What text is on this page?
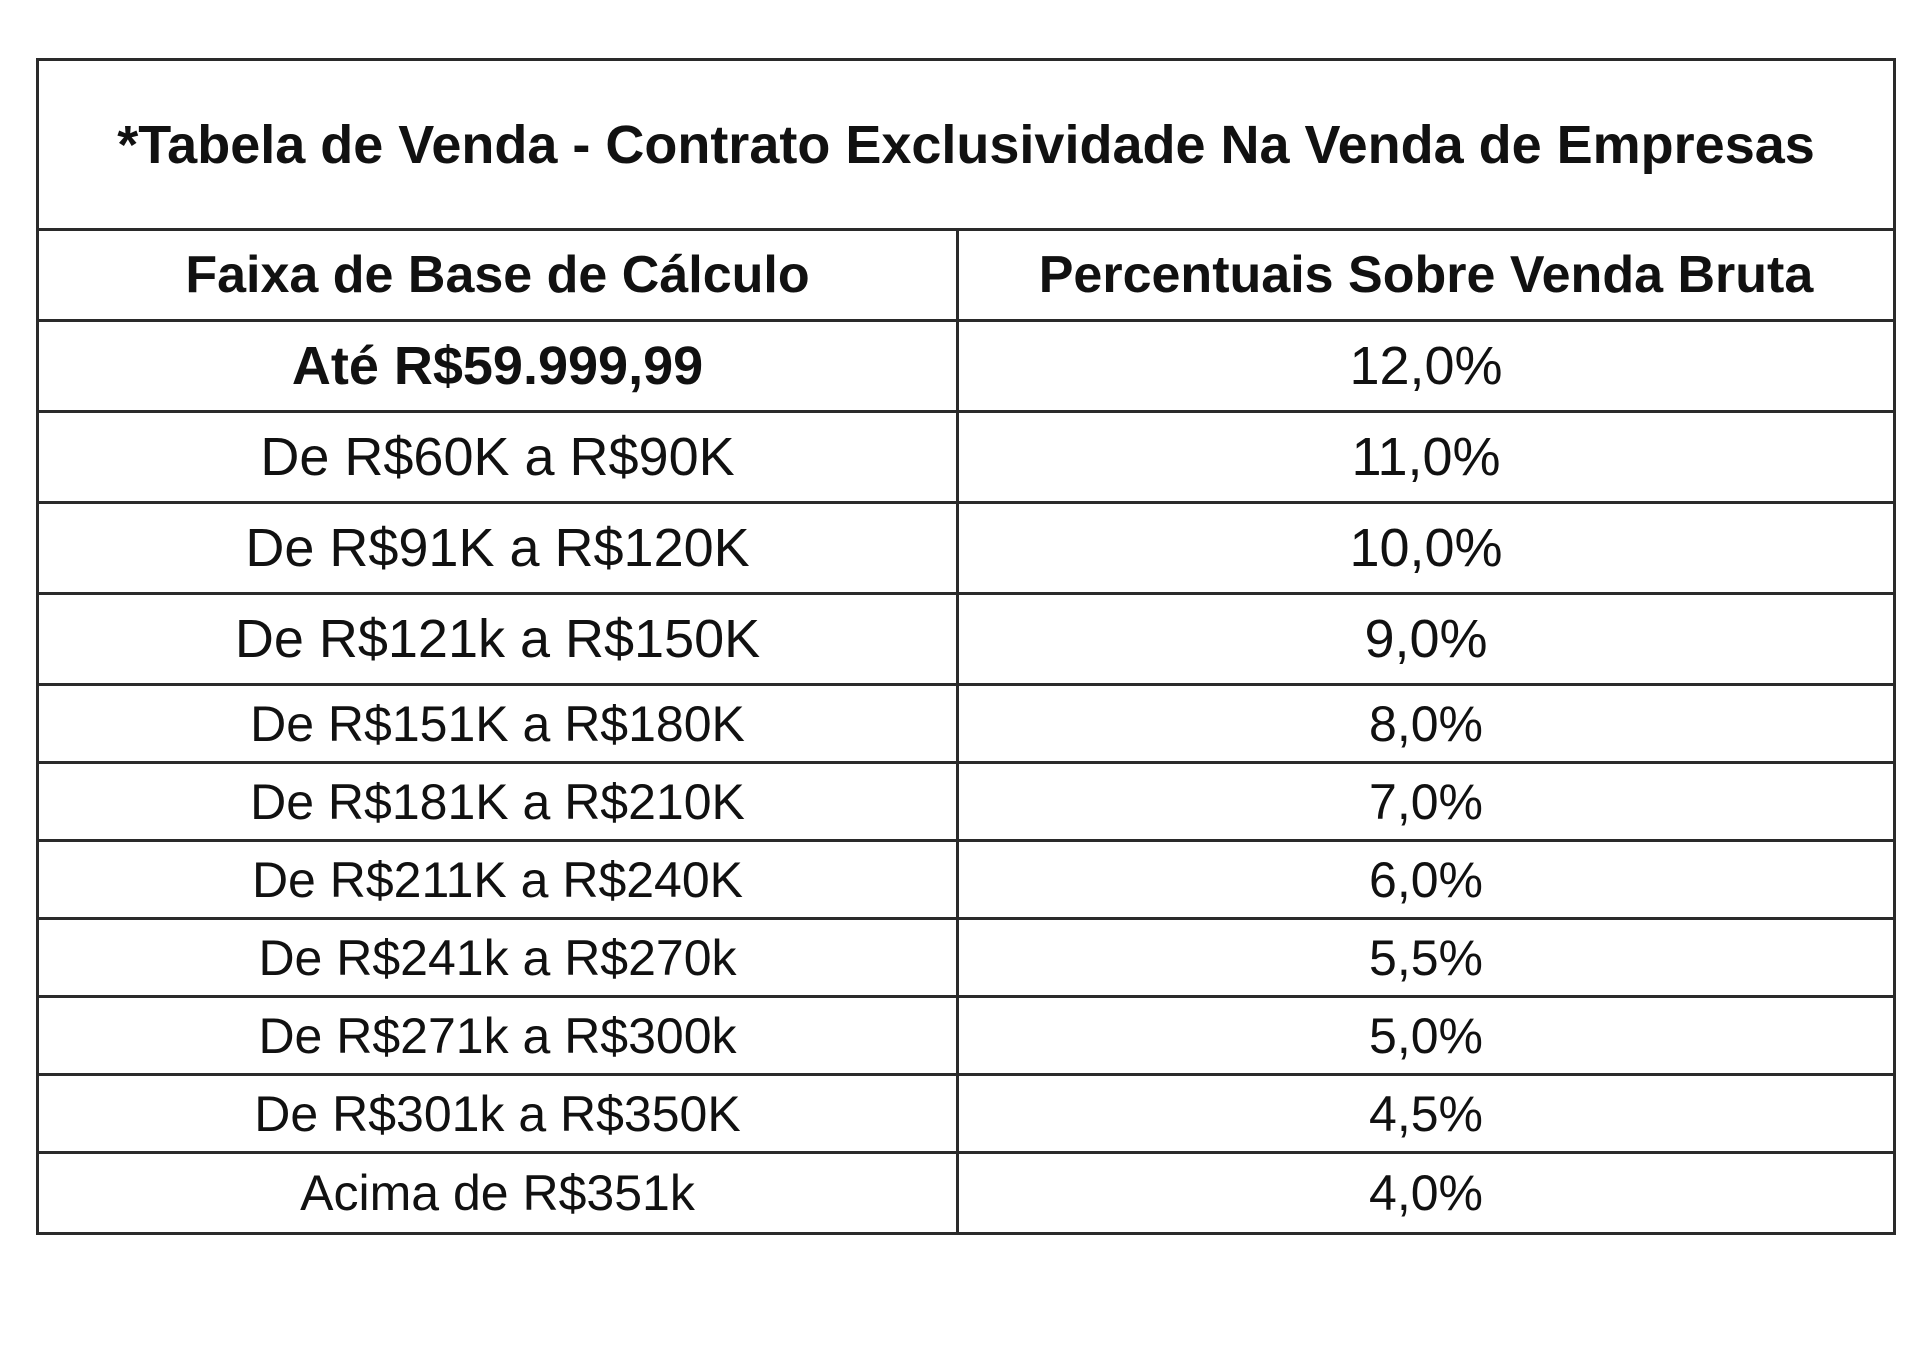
*Tabela de Venda - Contrato Exclusividade Na Venda de Empresas
Faixa de Base de Cálculo	Percentuais Sobre Venda Bruta
Até R$59.999,99	12,0%
De R$60K a R$90K	11,0%
De R$91K a R$120K	10,0%
De R$121k a R$150K	9,0%
De R$151K a R$180K	8,0%
De R$181K a R$210K	7,0%
De R$211K a R$240K	6,0%
De R$241k a R$270k	5,5%
De R$271k a R$300k	5,0%
De R$301k a R$350K	4,5%
Acima de R$351k	4,0%
